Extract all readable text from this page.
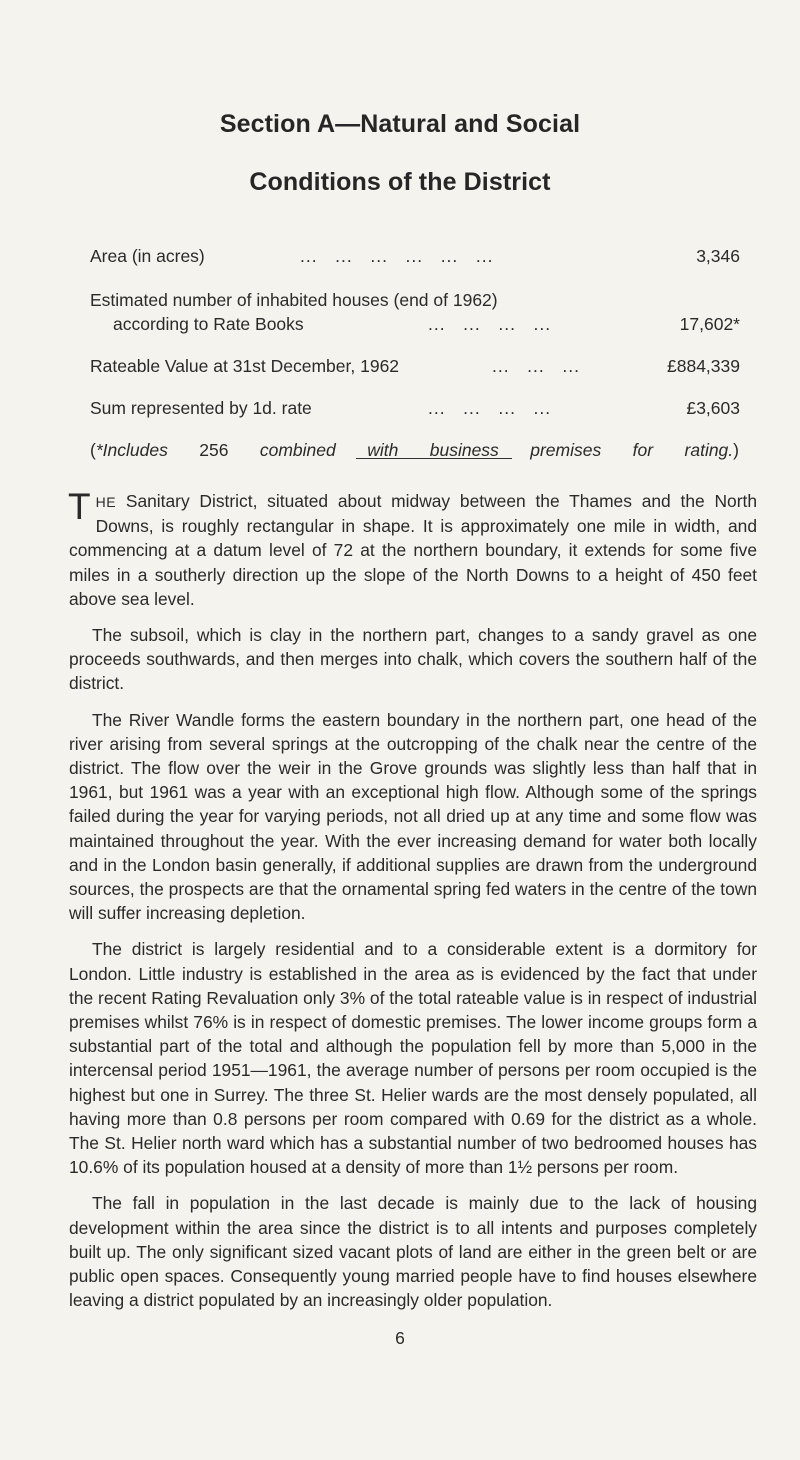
Section A—Natural and Social
Conditions of the District
Area (in acres)	...   ...   ...   ...   ...   ...	3,346
Estimated number of inhabited houses (end of 1962)
according to Rate Books	...   ...   ...   ...	17,602*
Rateable Value at 31st December, 1962	...   ...   ...	£884,339
Sum represented by 1d. rate	...   ...   ...   ...	£3,603
(*Includes 256 combined with business premises for rating.)

THE Sanitary District, situated about midway between the Thames and the North Downs, is roughly rectangular in shape. It is approximately one mile in width, and commencing at a datum level of 72 at the northern boundary, it extends for some five miles in a southerly direction up the slope of the North Downs to a height of 450 feet above sea level.

The subsoil, which is clay in the northern part, changes to a sandy gravel as one proceeds southwards, and then merges into chalk, which covers the southern half of the district.

The River Wandle forms the eastern boundary in the northern part, one head of the river arising from several springs at the outcropping of the chalk near the centre of the district. The flow over the weir in the Grove grounds was slightly less than half that in 1961, but 1961 was a year with an exceptional high flow. Although some of the springs failed during the year for varying periods, not all dried up at any time and some flow was maintained throughout the year. With the ever increasing demand for water both locally and in the London basin generally, if additional supplies are drawn from the underground sources, the prospects are that the ornamental spring fed waters in the centre of the town will suffer increasing depletion.

The district is largely residential and to a considerable extent is a dormitory for London. Little industry is established in the area as is evidenced by the fact that under the recent Rating Revaluation only 3% of the total rateable value is in respect of industrial premises whilst 76% is in respect of domestic premises. The lower income groups form a substantial part of the total and although the population fell by more than 5,000 in the intercensal period 1951—1961, the average number of persons per room occupied is the highest but one in Surrey. The three St. Helier wards are the most densely populated, all having more than 0.8 persons per room compared with 0.69 for the district as a whole. The St. Helier north ward which has a substantial number of two bedroomed houses has 10.6% of its population housed at a density of more than 1½ persons per room.

The fall in population in the last decade is mainly due to the lack of housing development within the area since the district is to all intents and purposes completely built up. The only significant sized vacant plots of land are either in the green belt or are public open spaces. Consequently young married people have to find houses elsewhere leaving a district populated by an increasingly older population.

6
